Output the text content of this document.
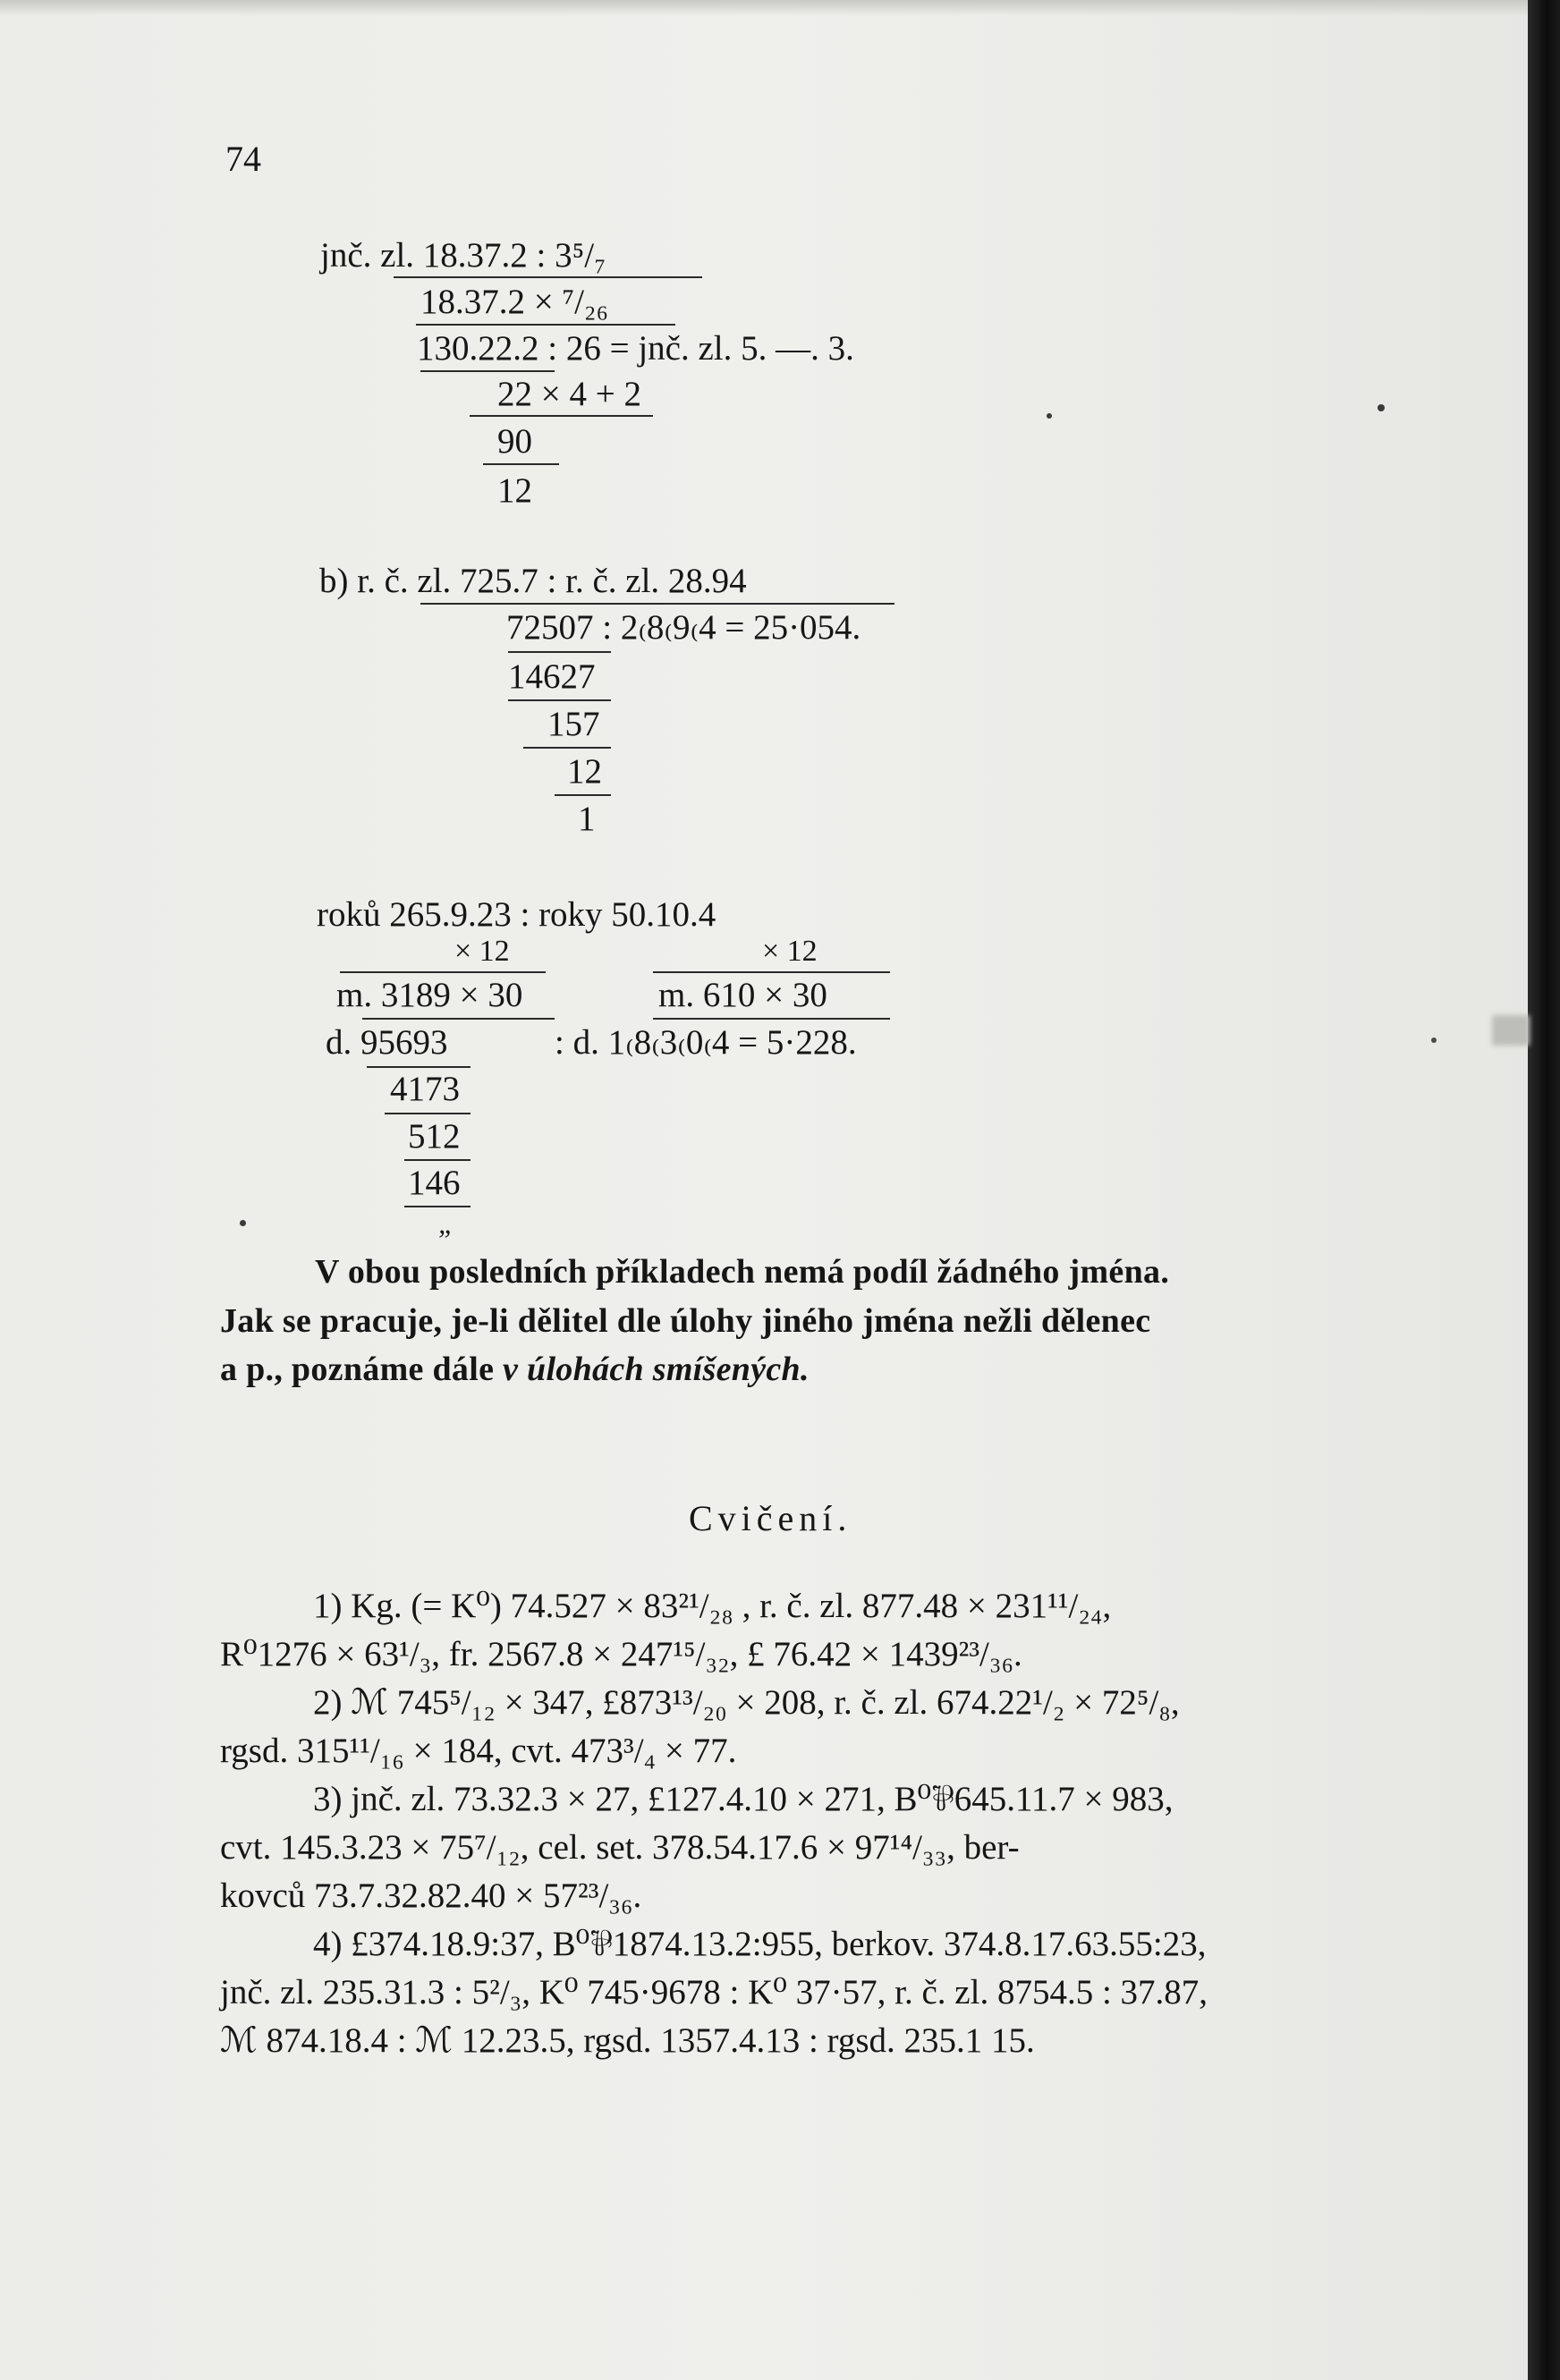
74
jnč. zl. 18.37.2 : 3⁵/₇
18.37.2 × ⁷/₂₆
130.22.2 : 26 = jnč. zl. 5. —. 3.
22 × 4 + 2
90
12
b) r. č. zl. 725.7 : r. č. zl. 28.94
72507 : 2₍8₍9₍4 = 25·054.
14627
157
12
1
roků 265.9.23 : roky 50.10.4
× 12	× 12
m. 3189 × 30	m. 610 × 30
d. 95693	: d. 1₍8₍3₍0₍4 = 5·228.
4173
512
146
„
V obou posledních příkladech nemá podíl žádného jména.
Jak se pracuje, je-li dělitel dle úlohy jiného jména nežli dělenec
a p., poznáme dále v úlohách smíšených.
Cvičení.
1) Kg. (= K⁰) 74.527 × 83²¹/₂₈ , r. č. zl. 877.48 × 231¹¹/₂₄,
R⁰1276 × 63¹/₃, fr. 2567.8 × 247¹⁵/₃₂, £ 76.42 × 1439²³/₃₆.
2) ℳ 745⁵/₁₂ × 347, £873¹³/₂₀ × 208, r. č. zl. 674.22¹/₂ × 72⁵/₈,
rgsd. 315¹¹/₁₆ × 184, cvt. 473³/₄ × 77.
3) jnč. zl. 73.32.3 × 27, £127.4.10 × 271, B⁰⅌645.11.7 × 983,
cvt. 145.3.23 × 75⁷/₁₂, cel. set. 378.54.17.6 × 97¹⁴/₃₃, ber-
kovců 73.7.32.82.40 × 57²³/₃₆.
4) £374.18.9:37, B⁰⅌1874.13.2:955, berkov. 374.8.17.63.55:23,
jnč. zl. 235.31.3 : 5²/₃, K⁰ 745·9678 : K⁰ 37·57, r. č. zl. 8754.5 : 37.87,
ℳ 874.18.4 : ℳ 12.23.5, rgsd. 1357.4.13 : rgsd. 235.1 15.
